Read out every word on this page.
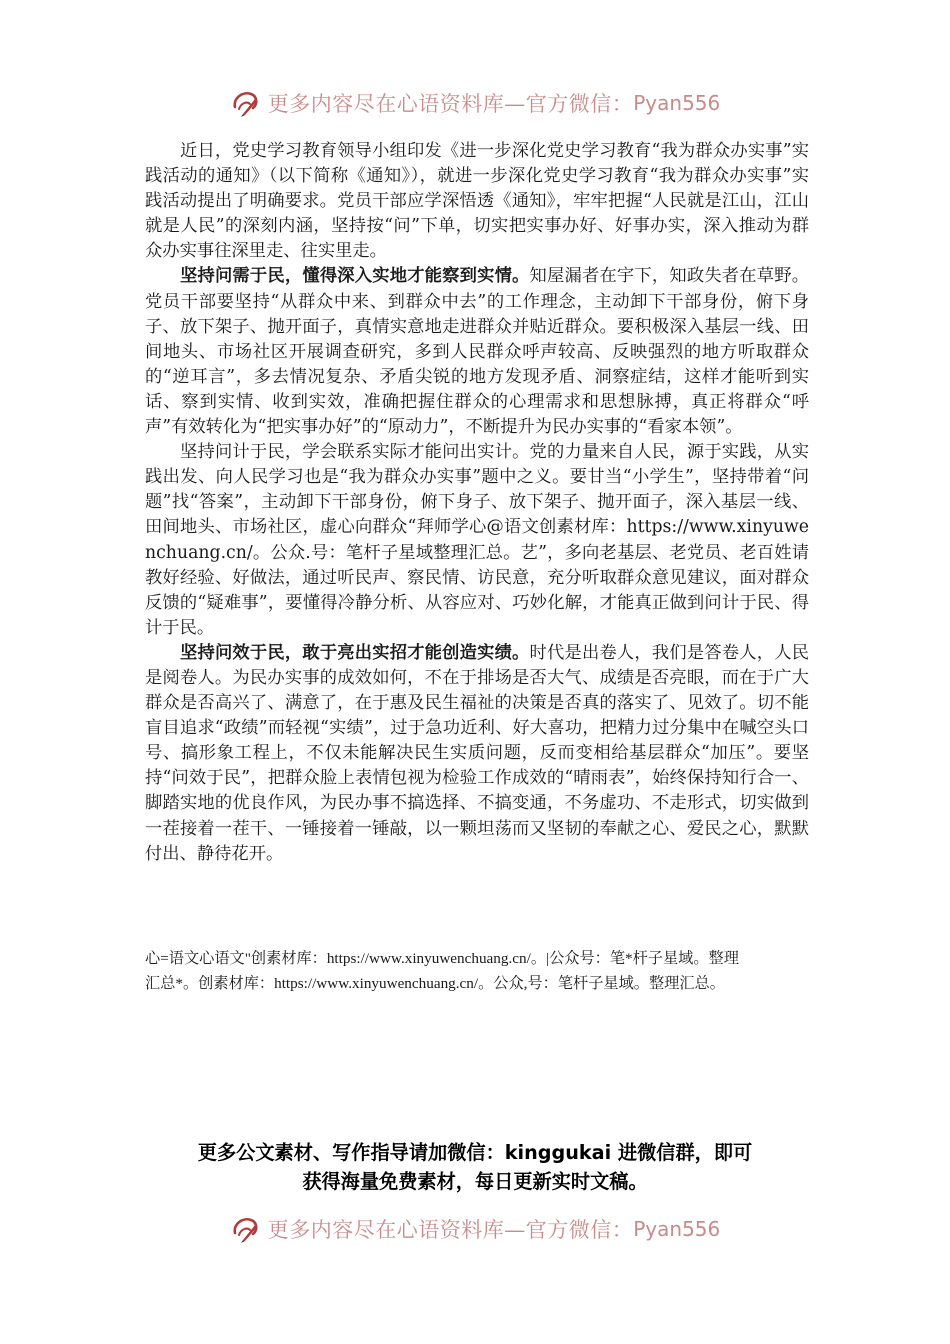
更多内容尽在心语资料库—官方微信： Pyan556

近日，党史学习教育领导小组印发《进一步深化党史学习教育“我为群众办实事”实践活动的通知》（以下简称《通知》），就进一步深化党史学习教育“我为群众办实事”实践活动提出了明确要求。党员干部应学深悟透《通知》，牢牢把握“人民就是江山，江山就是人民”的深刻内涵，坚持按“问”下单，切实把实事办好、好事办实，深入推动为群众办实事往深里走、往实里走。

坚持问需于民，懂得深入实地才能察到实情。知屋漏者在宇下，知政失者在草野。党员干部要坚持“从群众中来、到群众中去”的工作理念，主动卸下干部身份，俯下身子、放下架子、抛开面子，真情实意地走进群众并贴近群众。要积极深入基层一线、田间地头、市场社区开展调查研究，多到人民群众呼声较高、反映强烈的地方听取群众的“逆耳言”，多去情况复杂、矛盾尖锐的地方发现矛盾、洞察症结，这样才能听到实话、察到实情、收到实效，准确把握住群众的心理需求和思想脉搏，真正将群众“呼声”有效转化为“把实事办好”的“原动力”，不断提升为民办实事的“看家本领”。

坚持问计于民，学会联系实际才能问出实计。党的力量来自人民，源于实践，从实践出发、向人民学习也是“我为群众办实事”题中之义。要甘当“小学生”，坚持带着“问题”找“答案”，主动卸下干部身份，俯下身子、放下架子、抛开面子，深入基层一线、田间地头、市场社区，虚心向群众“拜师学心@语文创素材库：https://www.xinyuwenchuang.cn/。公众.号：笔杆子星域整理汇总。艺”，多向老基层、老党员、老百姓请教好经验、好做法，通过听民声、察民情、访民意，充分听取群众意见建议，面对群众反馈的“疑难事”，要懂得冷静分析、从容应对、巧妙化解，才能真正做到问计于民、得计于民。

坚持问效于民，敢于亮出实招才能创造实绩。时代是出卷人，我们是答卷人，人民是阅卷人。为民办实事的成效如何，不在于排场是否大气、成绩是否亮眼，而在于广大群众是否高兴了、满意了，在于惠及民生福祉的决策是否真的落实了、见效了。切不能盲目追求“政绩”而轻视“实绩”，过于急功近利、好大喜功，把精力过分集中在喊空头口号、搞形象工程上，不仅未能解决民生实质问题，反而变相给基层群众“加压”。要坚持“问效于民”，把群众脸上表情包视为检验工作成效的“晴雨表”，始终保持知行合一、脚踏实地的优良作风，为民办事不搞选择、不搞变通，不务虚功、不走形式，切实做到一茬接着一茬干、一锤接着一锤敲，以一颗坦荡而又坚韧的奉献之心、爱民之心，默默付出、静待花开。

心=语文心语文"创素材库：https://www.xinyuwenchuang.cn/。|公众号：笔*杆子星域。整理
汇总*。创素材库：https://www.xinyuwenchuang.cn/。公众,号：笔杆子星域。整理汇总。
更多公文素材、写作指导请加微信：kinggukai 进微信群，即可
获得海量免费素材，每日更新实时文稿。
更多内容尽在心语资料库—官方微信： Pyan556
